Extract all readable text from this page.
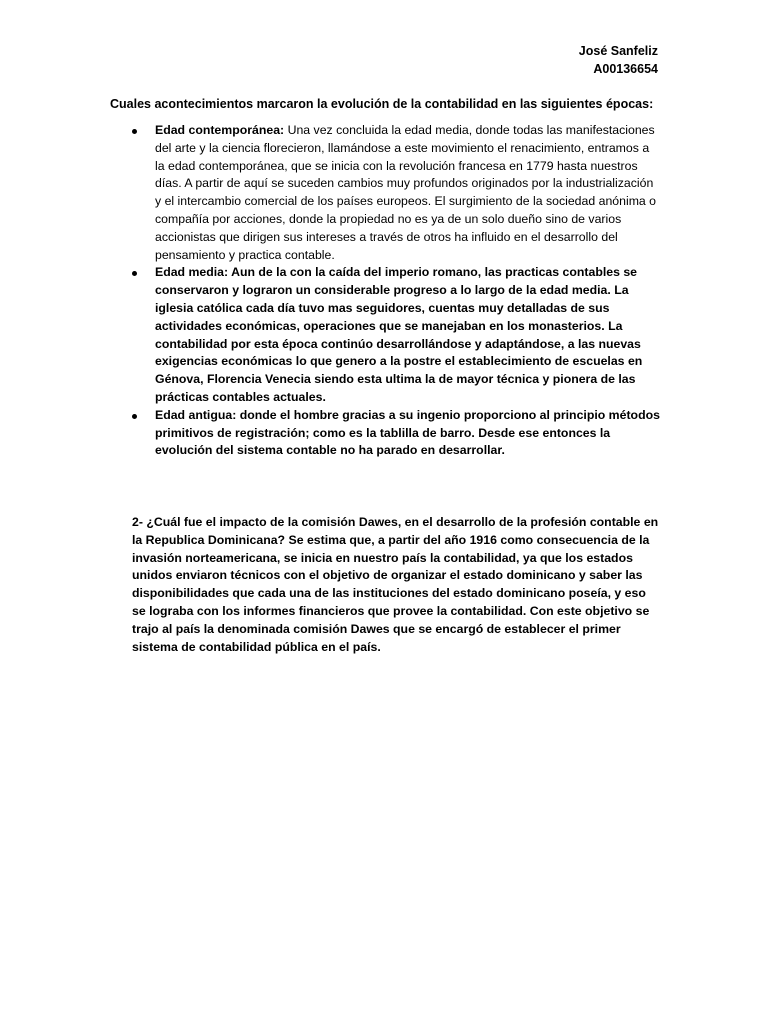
José Sanfeliz
A00136654
Cuales acontecimientos marcaron la evolución de la contabilidad en las siguientes épocas:
Edad contemporánea: Una vez concluida la edad media, donde todas las manifestaciones del arte y la ciencia florecieron, llamándose a este movimiento el renacimiento, entramos a la edad contemporánea, que se inicia con la revolución francesa en 1779 hasta nuestros días. A partir de aquí se suceden cambios muy profundos originados por la industrialización y el intercambio comercial de los países europeos. El surgimiento de la sociedad anónima o compañía por acciones, donde la propiedad no es ya de un solo dueño sino de varios accionistas que dirigen sus intereses a través de otros ha influido en el desarrollo del pensamiento y practica contable.
Edad media: Aun de la con la caída del imperio romano, las practicas contables se conservaron y lograron un considerable progreso a lo largo de la edad media. La iglesia católica cada día tuvo mas seguidores, cuentas muy detalladas de sus actividades económicas, operaciones que se manejaban en los monasterios. La contabilidad por esta época continúo desarrollándose y adaptándose, a las nuevas exigencias económicas lo que genero a la postre el establecimiento de escuelas en Génova, Florencia Venecia siendo esta ultima la de mayor técnica y pionera de las prácticas contables actuales.
Edad antigua: donde el hombre gracias a su ingenio proporciono al principio métodos primitivos de registración; como es la tablilla de barro. Desde ese entonces la evolución del sistema contable no ha parado en desarrollar.
2- ¿Cuál fue el impacto de la comisión Dawes, en el desarrollo de la profesión contable en la Republica Dominicana? Se estima que, a partir del año 1916 como consecuencia de la invasión norteamericana, se inicia en nuestro país la contabilidad, ya que los estados unidos enviaron técnicos con el objetivo de organizar el estado dominicano y saber las disponibilidades que cada una de las instituciones del estado dominicano poseía, y eso se lograba con los informes financieros que provee la contabilidad. Con este objetivo se trajo al país la denominada comisión Dawes que se encargó de establecer el primer sistema de contabilidad pública en el país.
